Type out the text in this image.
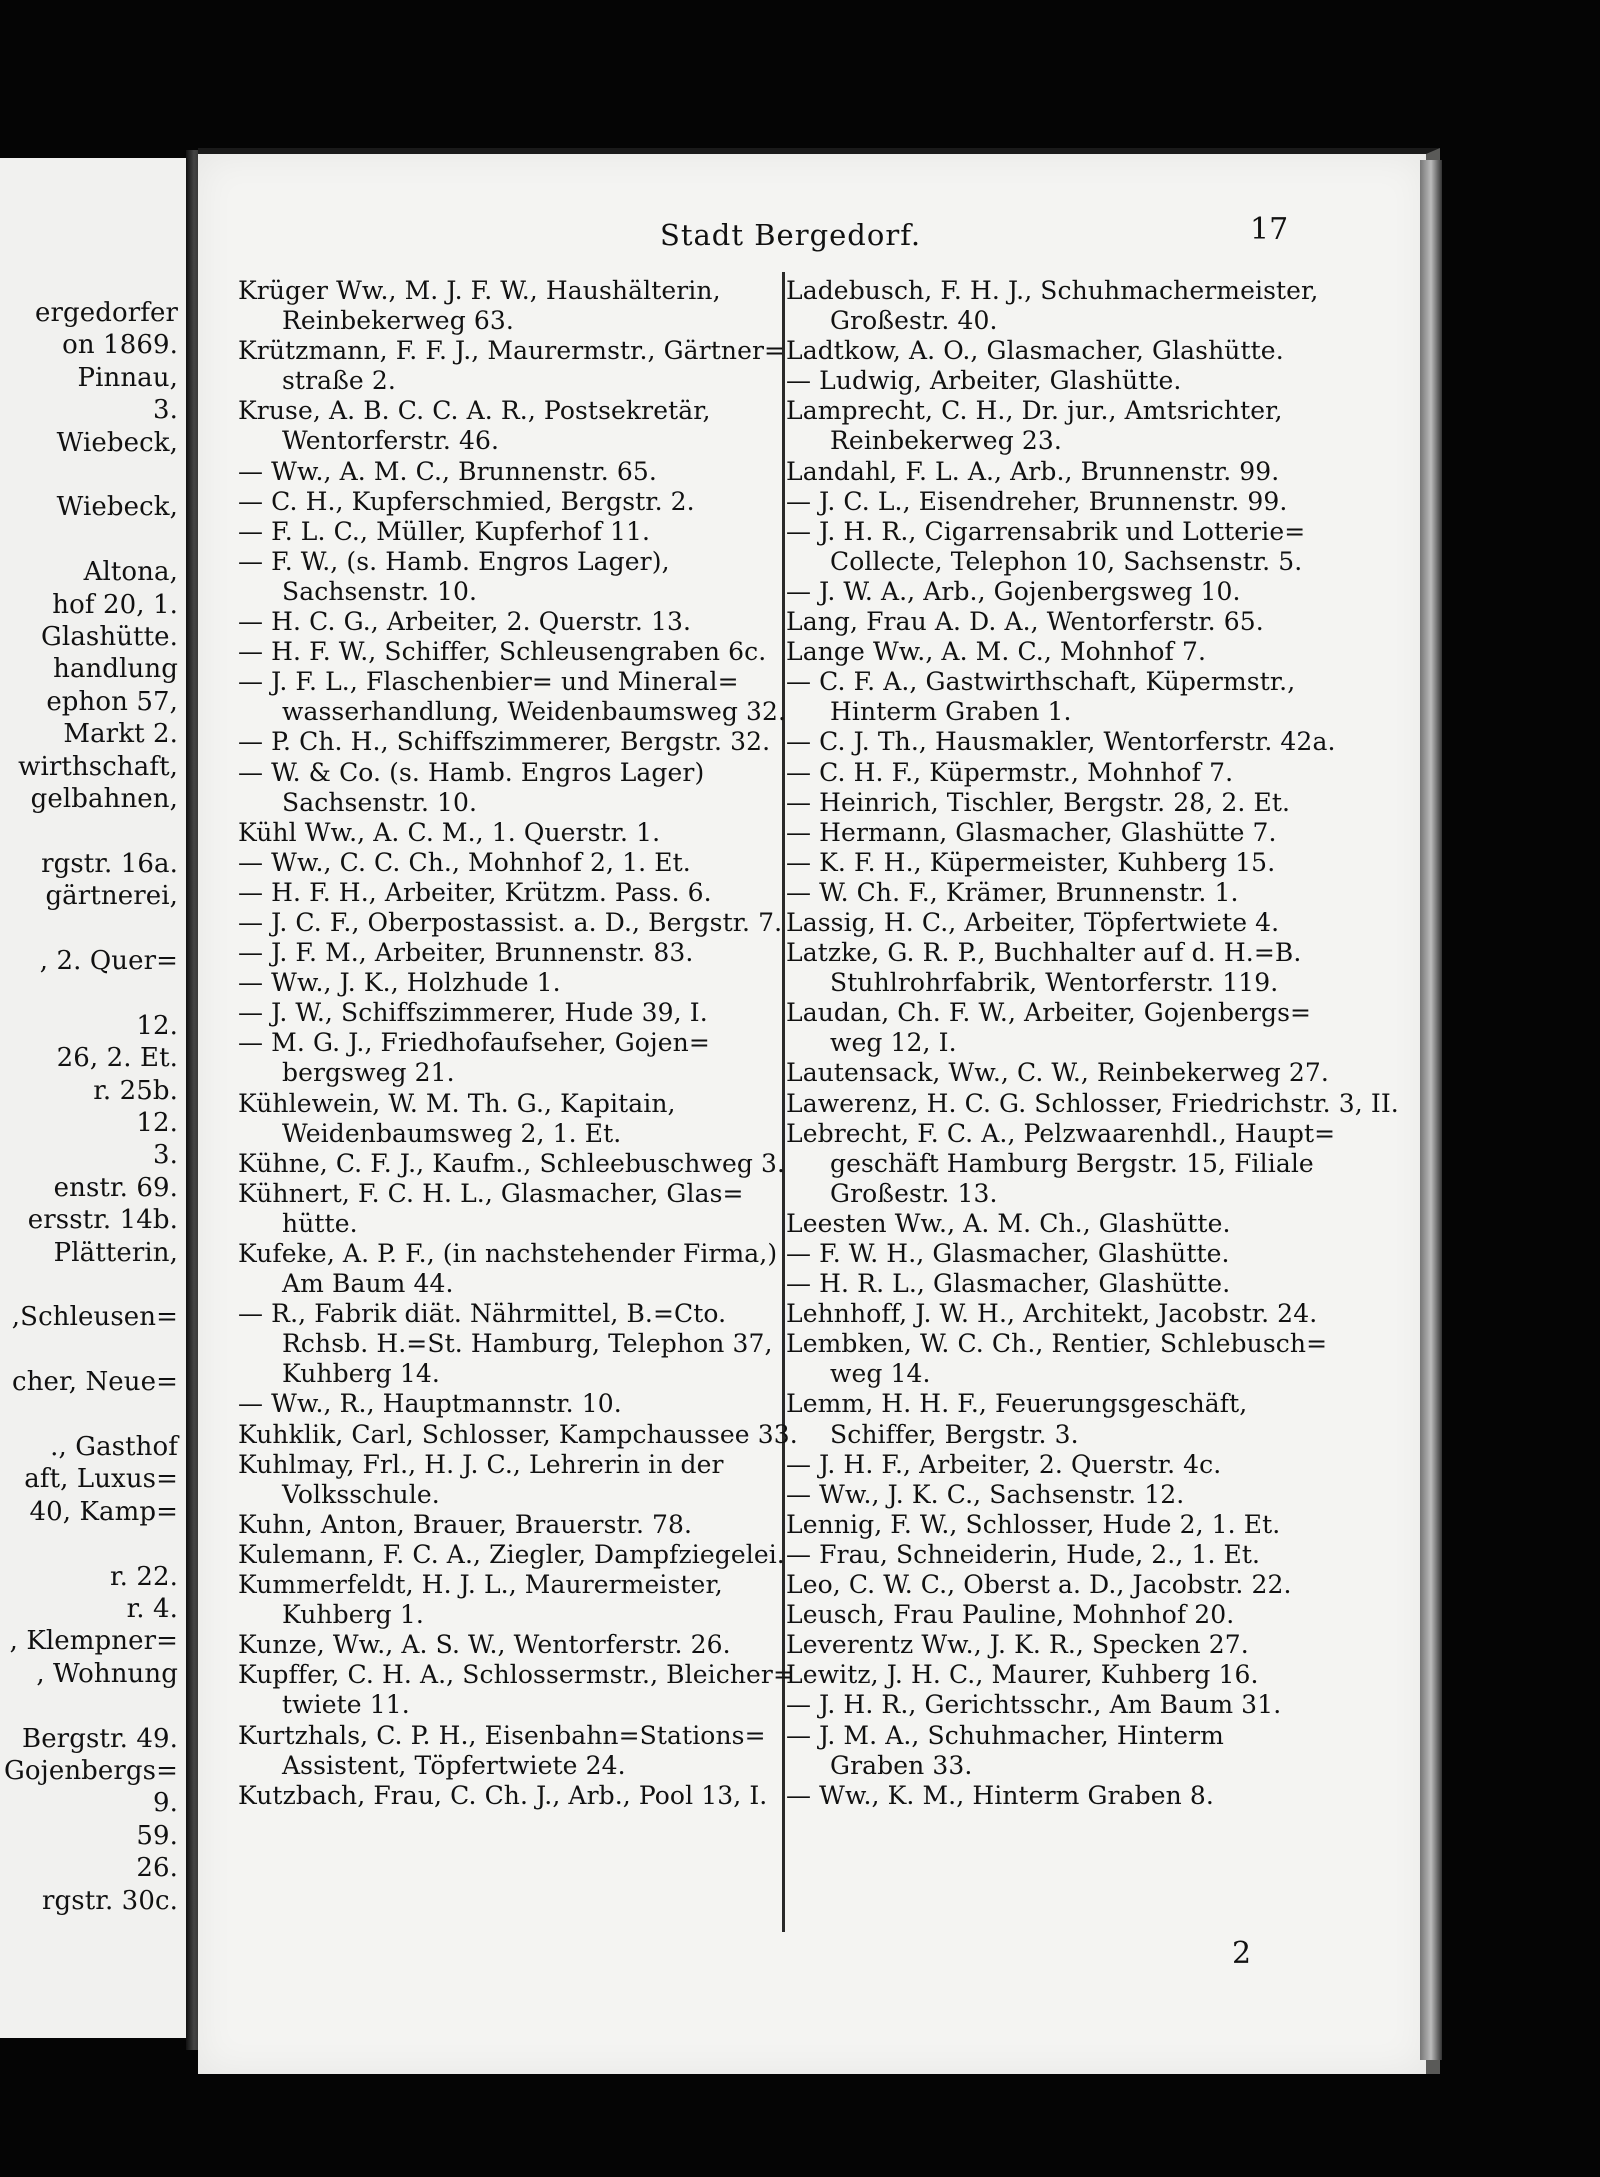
ergedorfer
on 1869.
Pinnau,
3.
Wiebeck,
Wiebeck,
Altona,
hof 20, 1.
Glashütte.
handlung
ephon 57,
Markt 2.
wirthschaft,
gelbahnen,
rgstr. 16a.
gärtnerei,
, 2. Quer=
12.
26, 2. Et.
r. 25b.
12.
3.
enstr. 69.
ersstr. 14b.
Plätterin,
,Schleusen=
cher, Neue=
., Gasthof
aft, Luxus=
40, Kamp=
r. 22.
r. 4.
, Klempner=
, Wohnung
Bergstr. 49.
Gojenbergs=
9.
59.
26.
rgstr. 30c.
Stadt Bergedorf.	17
Krüger Ww., M. J. F. W., Haushälterin,
Reinbekerweg 63.
Krützmann, F. F. J., Maurermstr., Gärtner=
straße 2.
Kruse, A. B. C. C. A. R., Postsekretär,
Wentorferstr. 46.
— Ww., A. M. C., Brunnenstr. 65.
— C. H., Kupferschmied, Bergstr. 2.
— F. L. C., Müller, Kupferhof 11.
— F. W., (s. Hamb. Engros Lager),
Sachsenstr. 10.
— H. C. G., Arbeiter, 2. Querstr. 13.
— H. F. W., Schiffer, Schleusengraben 6c.
— J. F. L., Flaschenbier= und Mineral=
wasserhandlung, Weidenbaumsweg 32.
— P. Ch. H., Schiffszimmerer, Bergstr. 32.
— W. & Co. (s. Hamb. Engros Lager)
Sachsenstr. 10.
Kühl Ww., A. C. M., 1. Querstr. 1.
— Ww., C. C. Ch., Mohnhof 2, 1. Et.
— H. F. H., Arbeiter, Krützm. Pass. 6.
— J. C. F., Oberpostassist. a. D., Bergstr. 7.
— J. F. M., Arbeiter, Brunnenstr. 83.
— Ww., J. K., Holzhude 1.
— J. W., Schiffszimmerer, Hude 39, I.
— M. G. J., Friedhofaufseher, Gojen=
bergsweg 21.
Kühlewein, W. M. Th. G., Kapitain,
Weidenbaumsweg 2, 1. Et.
Kühne, C. F. J., Kaufm., Schleebuschweg 3.
Kühnert, F. C. H. L., Glasmacher, Glas=
hütte.
Kufeke, A. P. F., (in nachstehender Firma,)
Am Baum 44.
— R., Fabrik diät. Nährmittel, B.=Cto.
Rchsb. H.=St. Hamburg, Telephon 37,
Kuhberg 14.
— Ww., R., Hauptmannstr. 10.
Kuhklik, Carl, Schlosser, Kampchaussee 33.
Kuhlmay, Frl., H. J. C., Lehrerin in der
Volksschule.
Kuhn, Anton, Brauer, Brauerstr. 78.
Kulemann, F. C. A., Ziegler, Dampfziegelei.
Kummerfeldt, H. J. L., Maurermeister,
Kuhberg 1.
Kunze, Ww., A. S. W., Wentorferstr. 26.
Kupffer, C. H. A., Schlossermstr., Bleicher=
twiete 11.
Kurtzhals, C. P. H., Eisenbahn=Stations=
Assistent, Töpfertwiete 24.
Kutzbach, Frau, C. Ch. J., Arb., Pool 13, I.
Ladebusch, F. H. J., Schuhmachermeister,
Großestr. 40.
Ladtkow, A. O., Glasmacher, Glashütte.
— Ludwig, Arbeiter, Glashütte.
Lamprecht, C. H., Dr. jur., Amtsrichter,
Reinbekerweg 23.
Landahl, F. L. A., Arb., Brunnenstr. 99.
— J. C. L., Eisendreher, Brunnenstr. 99.
— J. H. R., Cigarrensabrik und Lotterie=
Collecte, Telephon 10, Sachsenstr. 5.
— J. W. A., Arb., Gojenbergsweg 10.
Lang, Frau A. D. A., Wentorferstr. 65.
Lange Ww., A. M. C., Mohnhof 7.
— C. F. A., Gastwirthschaft, Küpermstr.,
Hinterm Graben 1.
— C. J. Th., Hausmakler, Wentorferstr. 42a.
— C. H. F., Küpermstr., Mohnhof 7.
— Heinrich, Tischler, Bergstr. 28, 2. Et.
— Hermann, Glasmacher, Glashütte 7.
— K. F. H., Küpermeister, Kuhberg 15.
— W. Ch. F., Krämer, Brunnenstr. 1.
Lassig, H. C., Arbeiter, Töpfertwiete 4.
Latzke, G. R. P., Buchhalter auf d. H.=B.
Stuhlrohrfabrik, Wentorferstr. 119.
Laudan, Ch. F. W., Arbeiter, Gojenbergs=
weg 12, I.
Lautensack, Ww., C. W., Reinbekerweg 27.
Lawerenz, H. C. G. Schlosser, Friedrichstr. 3, II.
Lebrecht, F. C. A., Pelzwaarenhdl., Haupt=
geschäft Hamburg Bergstr. 15, Filiale
Großestr. 13.
Leesten Ww., A. M. Ch., Glashütte.
— F. W. H., Glasmacher, Glashütte.
— H. R. L., Glasmacher, Glashütte.
Lehnhoff, J. W. H., Architekt, Jacobstr. 24.
Lembken, W. C. Ch., Rentier, Schlebusch=
weg 14.
Lemm, H. H. F., Feuerungsgeschäft,
Schiffer, Bergstr. 3.
— J. H. F., Arbeiter, 2. Querstr. 4c.
— Ww., J. K. C., Sachsenstr. 12.
Lennig, F. W., Schlosser, Hude 2, 1. Et.
— Frau, Schneiderin, Hude, 2., 1. Et.
Leo, C. W. C., Oberst a. D., Jacobstr. 22.
Leusch, Frau Pauline, Mohnhof 20.
Leverentz Ww., J. K. R., Specken 27.
Lewitz, J. H. C., Maurer, Kuhberg 16.
— J. H. R., Gerichtsschr., Am Baum 31.
— J. M. A., Schuhmacher, Hinterm
Graben 33.
— Ww., K. M., Hinterm Graben 8.
2
